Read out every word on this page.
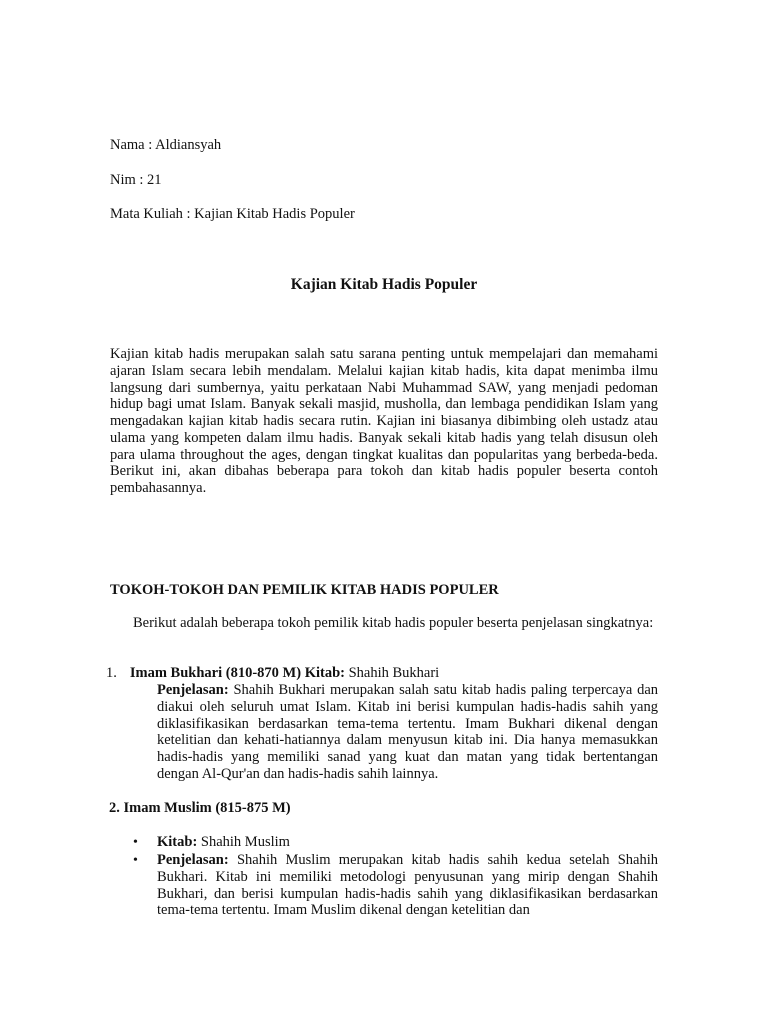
Nama : Aldiansyah

Nim : 21

Mata Kuliah : Kajian Kitab Hadis Populer

Kajian Kitab Hadis Populer

Kajian kitab hadis merupakan salah satu sarana penting untuk mempelajari dan memahami ajaran Islam secara lebih mendalam. Melalui kajian kitab hadis, kita dapat menimba ilmu langsung dari sumbernya, yaitu perkataan Nabi Muhammad SAW, yang menjadi pedoman hidup bagi umat Islam. Banyak sekali masjid, musholla, dan lembaga pendidikan Islam yang mengadakan kajian kitab hadis secara rutin. Kajian ini biasanya dibimbing oleh ustadz atau ulama yang kompeten dalam ilmu hadis. Banyak sekali kitab hadis yang telah disusun oleh para ulama throughout the ages, dengan tingkat kualitas dan popularitas yang berbeda-beda. Berikut ini, akan dibahas beberapa para tokoh dan kitab hadis populer beserta contoh pembahasannya.

TOKOH-TOKOH DAN PEMILIK KITAB HADIS POPULER

Berikut adalah beberapa tokoh pemilik kitab hadis populer beserta penjelasan singkatnya:

1. Imam Bukhari (810-870 M) Kitab: Shahih Bukhari

Penjelasan: Shahih Bukhari merupakan salah satu kitab hadis paling terpercaya dan diakui oleh seluruh umat Islam. Kitab ini berisi kumpulan hadis-hadis sahih yang diklasifikasikan berdasarkan tema-tema tertentu. Imam Bukhari dikenal dengan ketelitian dan kehati-hatiannya dalam menyusun kitab ini. Dia hanya memasukkan hadis-hadis yang memiliki sanad yang kuat dan matan yang tidak bertentangan dengan Al-Qur'an dan hadis-hadis sahih lainnya.

2. Imam Muslim (815-875 M)
• Kitab: Shahih Muslim

• Penjelasan: Shahih Muslim merupakan kitab hadis sahih kedua setelah Shahih Bukhari. Kitab ini memiliki metodologi penyusunan yang mirip dengan Shahih Bukhari, dan berisi kumpulan hadis-hadis sahih yang diklasifikasikan berdasarkan tema-tema tertentu. Imam Muslim dikenal dengan ketelitian dan
